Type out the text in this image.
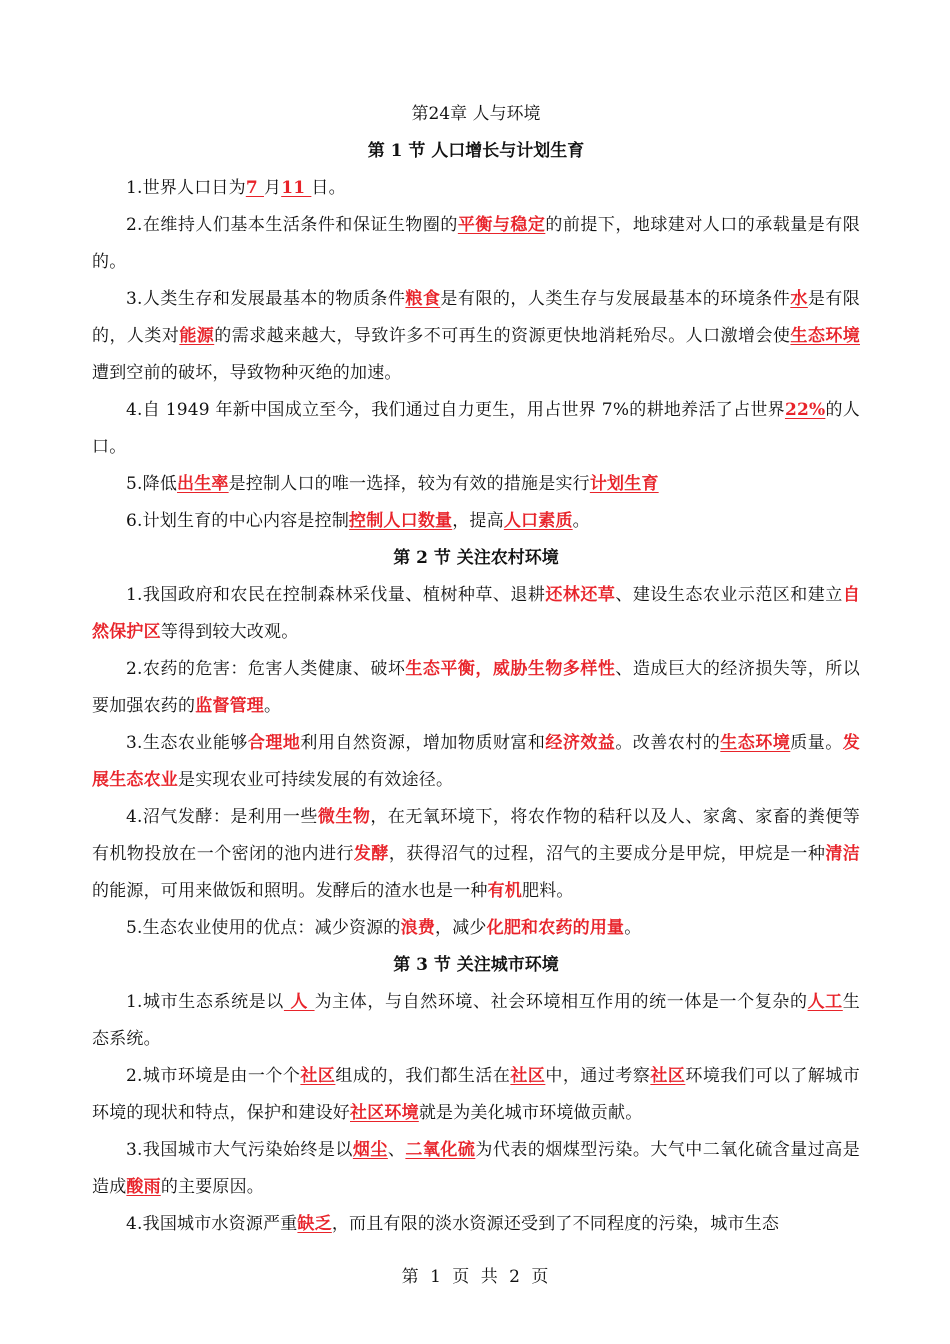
第24章 人与环境
第 1 节 人口增长与计划生育

1.世界人口日为7 月11 日。

2.在维持人们基本生活条件和保证生物圈的平衡与稳定的前提下，地球建对人口的承载量是有限的。

3.人类生存和发展最基本的物质条件粮食是有限的，人类生存与发展最基本的环境条件水是有限的，人类对能源的需求越来越大，导致许多不可再生的资源更快地消耗殆尽。人口激增会使生态环境遭到空前的破坏，导致物种灭绝的加速。

4.自 1949 年新中国成立至今，我们通过自力更生，用占世界 7%的耕地养活了占世界22%的人口。

5.降低出生率是控制人口的唯一选择，较为有效的措施是实行计划生育

6.计划生育的中心内容是控制控制人口数量，提高人口素质。

第 2 节 关注农村环境

1.我国政府和农民在控制森林采伐量、植树种草、退耕还林还草、建设生态农业示范区和建立自然保护区等得到较大改观。

2.农药的危害：危害人类健康、破坏生态平衡，威胁生物多样性、造成巨大的经济损失等，所以要加强农药的监督管理。

3.生态农业能够合理地利用自然资源，增加物质财富和经济效益。改善农村的生态环境质量。发展生态农业是实现农业可持续发展的有效途径。

4.沼气发酵：是利用一些微生物，在无氧环境下，将农作物的秸秆以及人、家禽、家畜的粪便等有机物投放在一个密闭的池内进行发酵，获得沼气的过程，沼气的主要成分是甲烷，甲烷是一种清洁的能源，可用来做饭和照明。发酵后的渣水也是一种有机肥料。

5.生态农业使用的优点：减少资源的浪费，减少化肥和农药的用量。

第 3 节 关注城市环境

1.城市生态系统是以 人 为主体，与自然环境、社会环境相互作用的统一体是一个复杂的人工生态系统。

2.城市环境是由一个个社区组成的，我们都生活在社区中，通过考察社区环境我们可以了解城市环境的现状和特点，保护和建设好社区环境就是为美化城市环境做贡献。

3.我国城市大气污染始终是以烟尘、二氧化硫为代表的烟煤型污染。大气中二氧化硫含量过高是造成酸雨的主要原因。

4.我国城市水资源严重缺乏，而且有限的淡水资源还受到了不同程度的污染，城市生态

第 1 页 共 2 页
